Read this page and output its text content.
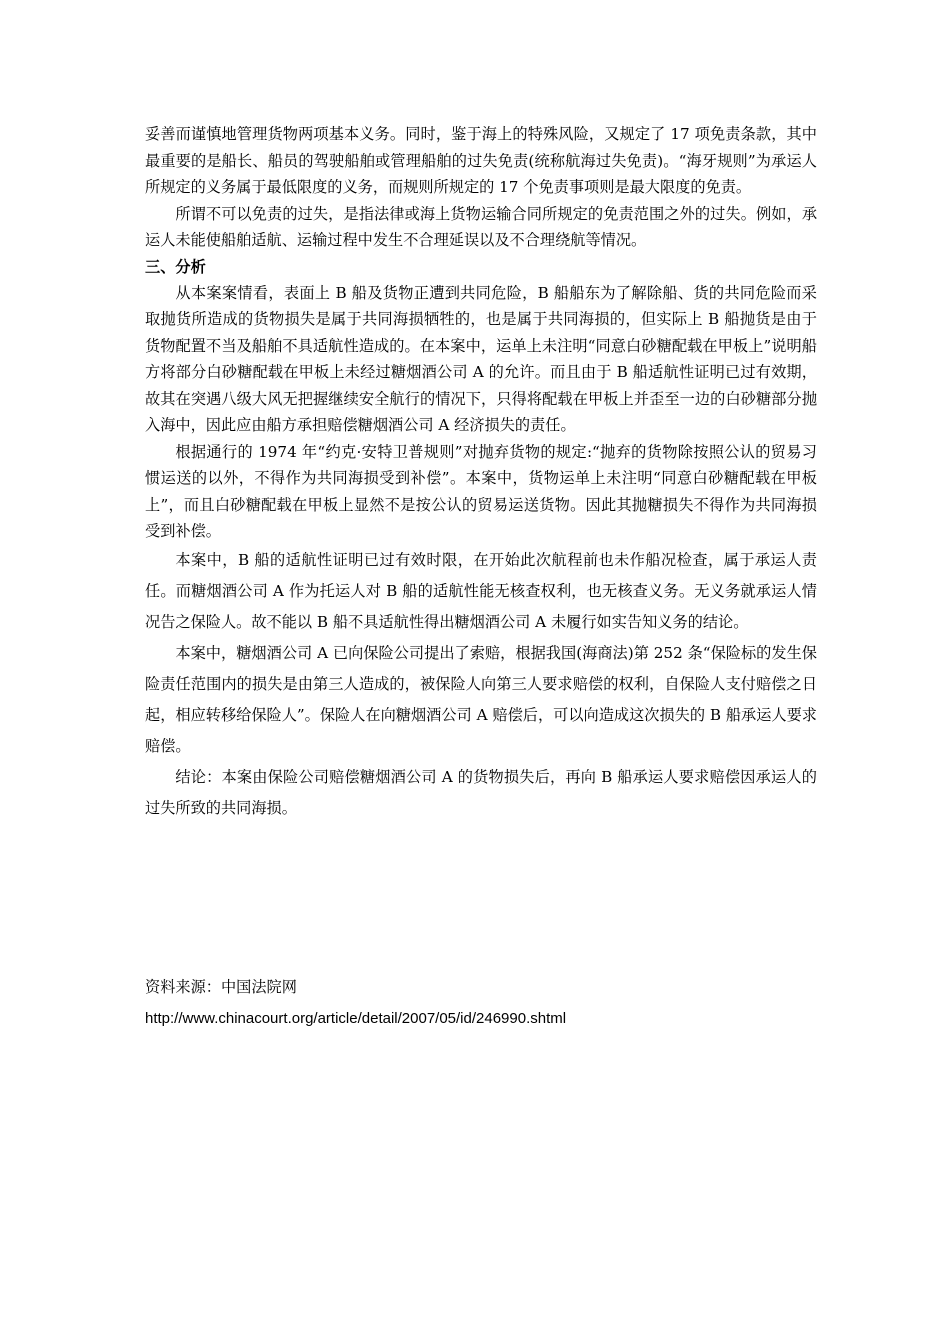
妥善而谨慎地管理货物两项基本义务。同时，鉴于海上的特殊风险，又规定了 17 项免责条款，其中最重要的是船长、船员的驾驶船舶或管理船舶的过失免责(统称航海过失免责)。“海牙规则”为承运人所规定的义务属于最低限度的义务，而规则所规定的 17 个免责事项则是最大限度的免责。

所谓不可以免责的过失，是指法律或海上货物运输合同所规定的免责范围之外的过失。例如，承运人未能使船舶适航、运输过程中发生不合理延误以及不合理绕航等情况。

三、分析

从本案案情看，表面上 B 船及货物正遭到共同危险，B 船船东为了解除船、货的共同危险而采取抛货所造成的货物损失是属于共同海损牺牲的，也是属于共同海损的，但实际上 B 船抛货是由于货物配置不当及船舶不具适航性造成的。在本案中，运单上未注明“同意白砂糖配载在甲板上”说明船方将部分白砂糖配载在甲板上未经过糖烟酒公司 A 的允许。而且由于 B 船适航性证明已过有效期，故其在突遇八级大风无把握继续安全航行的情况下，只得将配载在甲板上并歪至一边的白砂糖部分抛入海中，因此应由船方承担赔偿糖烟酒公司 A 经济损失的责任。

根据通行的 1974 年“约克·安特卫普规则”对抛弃货物的规定:“抛弃的货物除按照公认的贸易习惯运送的以外，不得作为共同海损受到补偿”。本案中，货物运单上未注明“同意白砂糖配载在甲板上”，而且白砂糖配载在甲板上显然不是按公认的贸易运送货物。因此其抛糖损失不得作为共同海损受到补偿。

本案中，B 船的适航性证明已过有效时限，在开始此次航程前也未作船况检查，属于承运人责任。而糖烟酒公司 A 作为托运人对 B 船的适航性能无核查权利，也无核查义务。无义务就承运人情况告之保险人。故不能以 B 船不具适航性得出糖烟酒公司 A 未履行如实告知义务的结论。

本案中，糖烟酒公司 A 已向保险公司提出了索赔，根据我国(海商法)第 252 条“保险标的发生保险责任范围内的损失是由第三人造成的，被保险人向第三人要求赔偿的权利，自保险人支付赔偿之日起，相应转移给保险人”。保险人在向糖烟酒公司 A 赔偿后，可以向造成这次损失的 B 船承运人要求赔偿。

结论：本案由保险公司赔偿糖烟酒公司 A 的货物损失后，再向 B 船承运人要求赔偿因承运人的过失所致的共同海损。

资料来源：中国法院网
http://www.chinacourt.org/article/detail/2007/05/id/246990.shtml
